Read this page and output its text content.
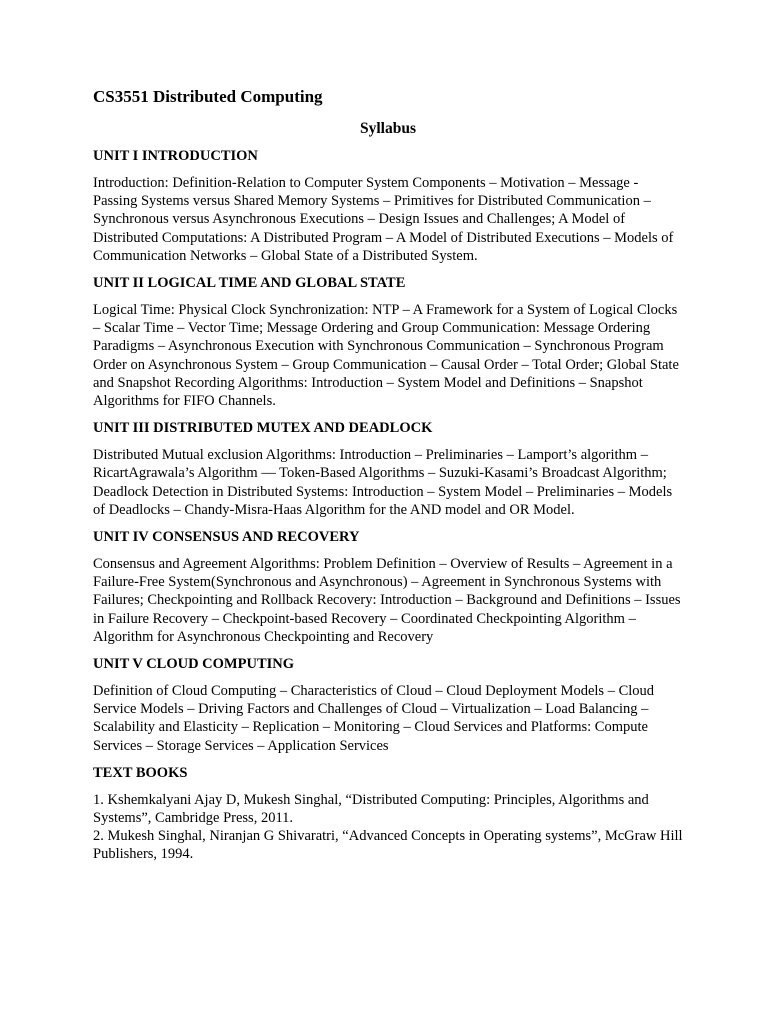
CS3551 Distributed Computing
Syllabus
UNIT I INTRODUCTION

Introduction: Definition-Relation to Computer System Components – Motivation – Message - Passing Systems versus Shared Memory Systems – Primitives for Distributed Communication – Synchronous versus Asynchronous Executions – Design Issues and Challenges; A Model of Distributed Computations: A Distributed Program – A Model of Distributed Executions – Models of Communication Networks – Global State of a Distributed System.

UNIT II LOGICAL TIME AND GLOBAL STATE

Logical Time: Physical Clock Synchronization: NTP – A Framework for a System of Logical Clocks – Scalar Time – Vector Time; Message Ordering and Group Communication: Message Ordering Paradigms – Asynchronous Execution with Synchronous Communication – Synchronous Program Order on Asynchronous System – Group Communication – Causal Order – Total Order; Global State and Snapshot Recording Algorithms: Introduction – System Model and Definitions – Snapshot Algorithms for FIFO Channels.

UNIT III DISTRIBUTED MUTEX AND DEADLOCK

Distributed Mutual exclusion Algorithms: Introduction – Preliminaries – Lamport’s algorithm – RicartAgrawala’s Algorithm –– Token-Based Algorithms – Suzuki-Kasami’s Broadcast Algorithm; Deadlock Detection in Distributed Systems: Introduction – System Model – Preliminaries – Models of Deadlocks – Chandy-Misra-Haas Algorithm for the AND model and OR Model.

UNIT IV CONSENSUS AND RECOVERY

Consensus and Agreement Algorithms: Problem Definition – Overview of Results – Agreement in a Failure-Free System(Synchronous and Asynchronous) – Agreement in Synchronous Systems with Failures; Checkpointing and Rollback Recovery: Introduction – Background and Definitions – Issues in Failure Recovery – Checkpoint-based Recovery – Coordinated Checkpointing Algorithm – Algorithm for Asynchronous Checkpointing and Recovery

UNIT V CLOUD COMPUTING

Definition of Cloud Computing – Characteristics of Cloud – Cloud Deployment Models – Cloud Service Models – Driving Factors and Challenges of Cloud – Virtualization – Load Balancing – Scalability and Elasticity – Replication – Monitoring – Cloud Services and Platforms: Compute Services – Storage Services – Application Services

TEXT BOOKS

1. Kshemkalyani Ajay D, Mukesh Singhal, “Distributed Computing: Principles, Algorithms and Systems”, Cambridge Press, 2011.

2. Mukesh Singhal, Niranjan G Shivaratri, “Advanced Concepts in Operating systems”, McGraw Hill Publishers, 1994.
